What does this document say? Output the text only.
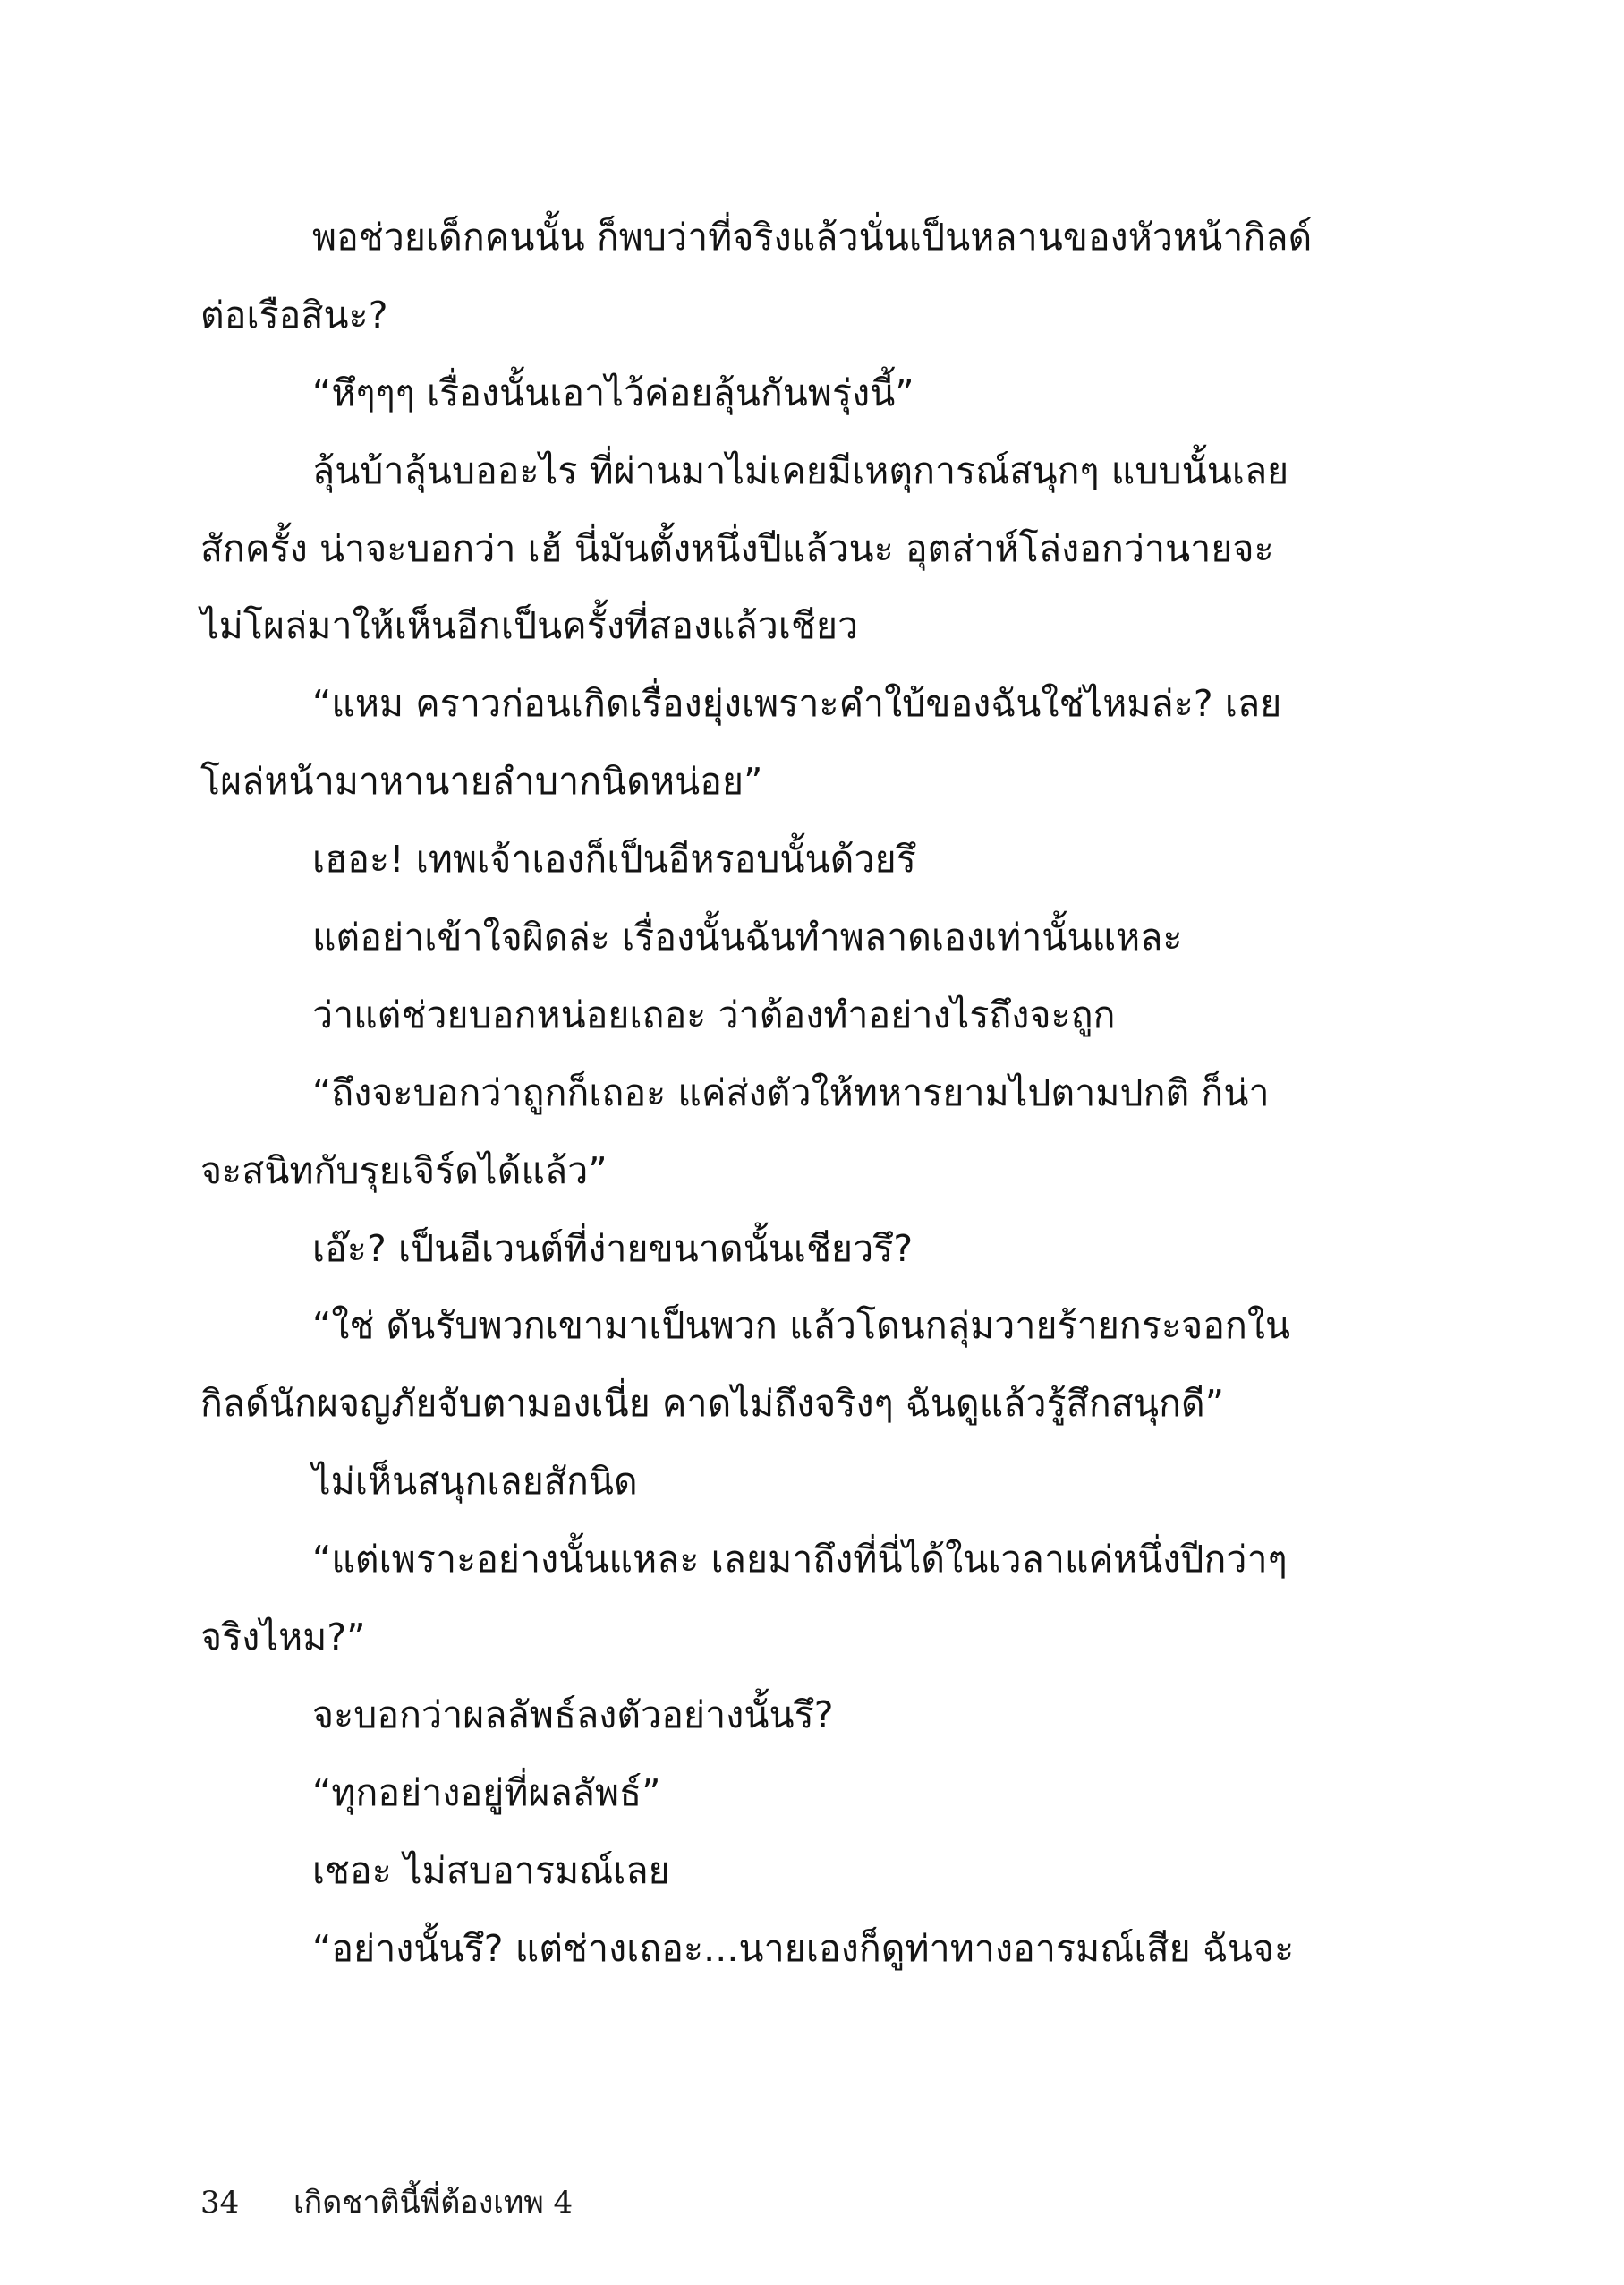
พอช่วยเด็กคนนั้น ก็พบว่าที่จริงแล้วนั่นเป็นหลานของหัวหน้ากิลด์
ต่อเรือสินะ?
“หึๆๆๆ เรื่องนั้นเอาไว้ค่อยลุ้นกันพรุ่งนี้”
ลุ้นบ้าลุ้นบออะไร ที่ผ่านมาไม่เคยมีเหตุการณ์สนุกๆ แบบนั้นเลย
สักครั้ง น่าจะบอกว่า เฮ้ นี่มันตั้งหนึ่งปีแล้วนะ อุตส่าห์โล่งอกว่านายจะ
ไม่โผล่มาให้เห็นอีกเป็นครั้งที่สองแล้วเชียว
“แหม คราวก่อนเกิดเรื่องยุ่งเพราะคำใบ้ของฉันใช่ไหมล่ะ? เลย
โผล่หน้ามาหานายลำบากนิดหน่อย”
เฮอะ! เทพเจ้าเองก็เป็นอีหรอบนั้นด้วยรึ
แต่อย่าเข้าใจผิดล่ะ เรื่องนั้นฉันทำพลาดเองเท่านั้นแหละ
ว่าแต่ช่วยบอกหน่อยเถอะ ว่าต้องทำอย่างไรถึงจะถูก
“ถึงจะบอกว่าถูกก็เถอะ แค่ส่งตัวให้ทหารยามไปตามปกติ ก็น่า
จะสนิทกับรุยเจิร์ดได้แล้ว”
เอ๊ะ? เป็นอีเวนต์ที่ง่ายขนาดนั้นเชียวรึ?
“ใช่ ดันรับพวกเขามาเป็นพวก แล้วโดนกลุ่มวายร้ายกระจอกใน
กิลด์นักผจญภัยจับตามองเนี่ย คาดไม่ถึงจริงๆ ฉันดูแล้วรู้สึกสนุกดี”
ไม่เห็นสนุกเลยสักนิด
“แต่เพราะอย่างนั้นแหละ เลยมาถึงที่นี่ได้ในเวลาแค่หนึ่งปีกว่าๆ
จริงไหม?”
จะบอกว่าผลลัพธ์ลงตัวอย่างนั้นรึ?
“ทุกอย่างอยู่ที่ผลลัพธ์”
เชอะ ไม่สบอารมณ์เลย
“อย่างนั้นรึ? แต่ช่างเถอะ...นายเองก็ดูท่าทางอารมณ์เสีย ฉันจะ
34 เกิดชาตินี้พี่ต้องเทพ 4
